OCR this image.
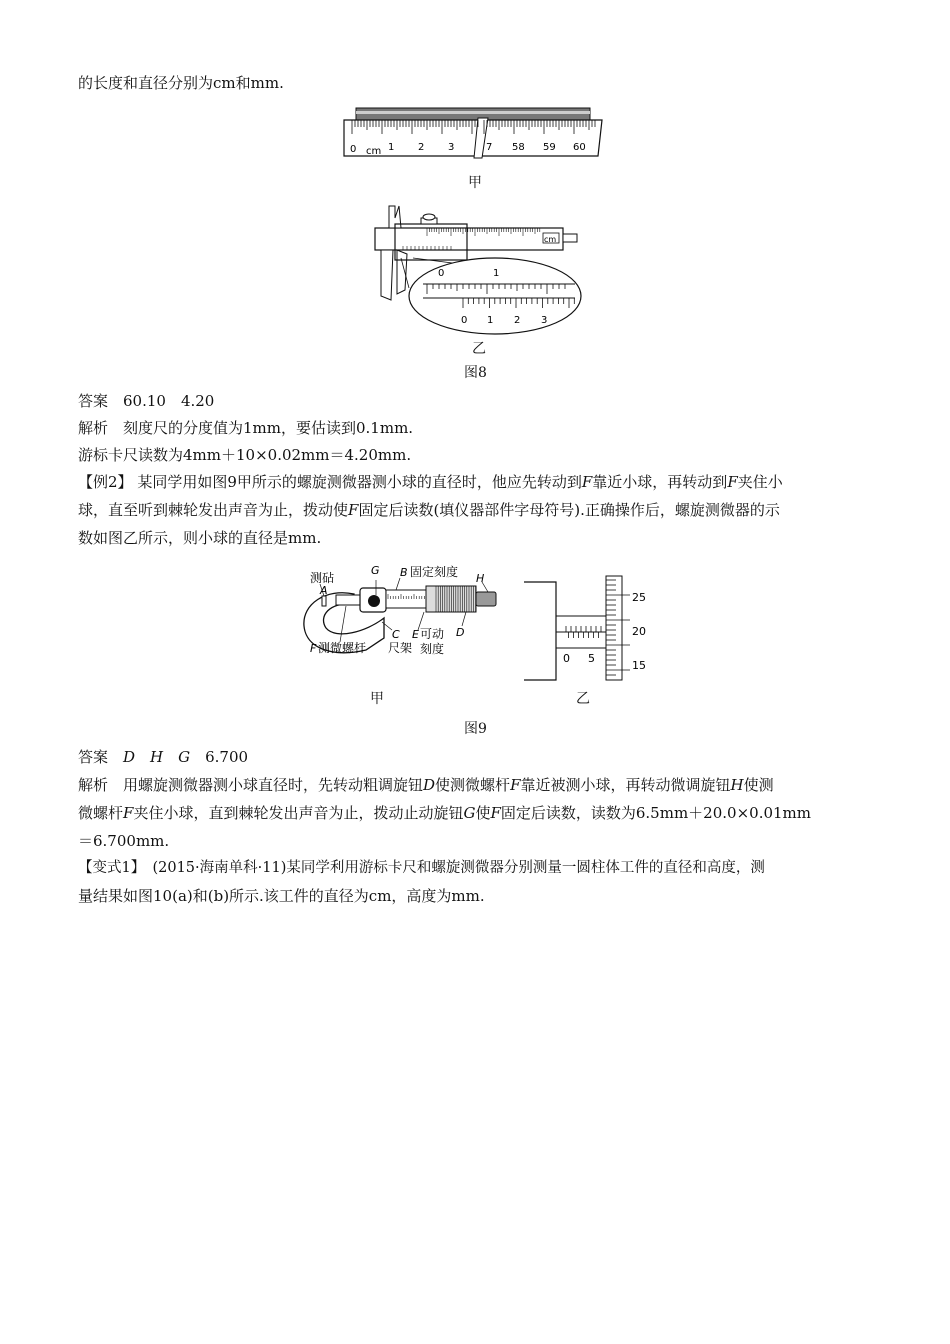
的长度和直径分别为cm和mm.
0 cm 1 2 3	7 58 59 60
甲
cm
0	1
0 1 2 3
乙
图8
答案　60.10　4.20
解析　刻度尺的分度值为1mm，要估读到0.1mm.
游标卡尺读数为4mm＋10×0.02mm＝4.20mm.
【例2】 某同学用如图9甲所示的螺旋测微器测小球的直径时，他应先转动到F靠近小球，再转动到F夹住小
球，直至听到棘轮发出声音为止，拨动使F固定后读数(填仪器部件字母符号).正确操作后，螺旋测微器的示
数如图乙所示，则小球的直径是mm.
测砧
A
G B 固定刻度 H
F 测微螺杆
C
尺架
E 可动
刻度
D
甲
25
20
15
0 5
乙
图9
答案  D  H  G  6.700
解析　用螺旋测微器测小球直径时，先转动粗调旋钮D使测微螺杆F靠近被测小球，再转动微调旋钮H使测
微螺杆F夹住小球，直到棘轮发出声音为止，拨动止动旋钮G使F固定后读数，读数为6.5mm＋20.0×0.01mm
＝6.700mm.
【变式1】　(2015·海南单科·11)某同学利用游标卡尺和螺旋测微器分别测量一圆柱体工件的直径和高度，测
量结果如图10(a)和(b)所示.该工件的直径为cm，高度为mm.
